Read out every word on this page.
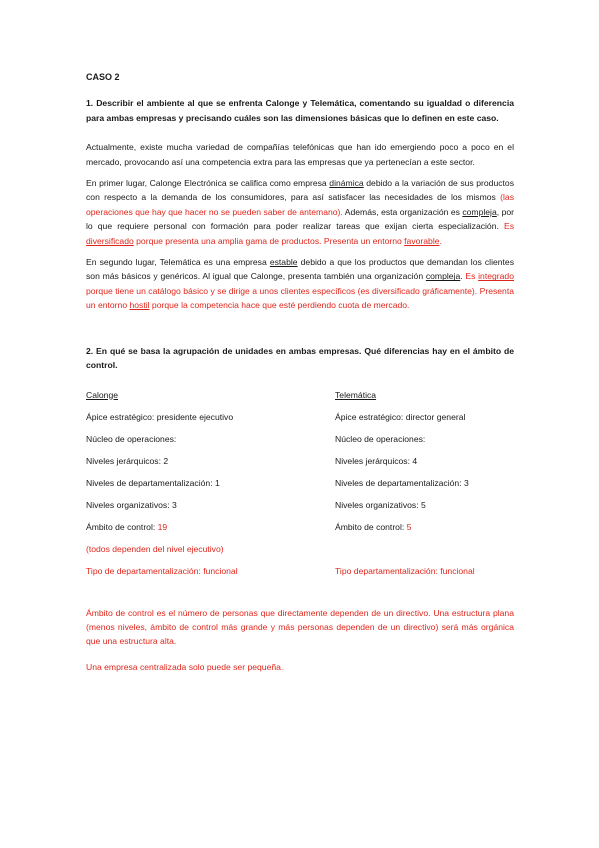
CASO 2
1. Describir el ambiente al que se enfrenta Calonge y Telemática, comentando su igualdad o diferencia para ambas empresas y precisando cuáles son las dimensiones básicas que lo definen en este caso.

Actualmente, existe mucha variedad de compañías telefónicas que han ido emergiendo poco a poco en el mercado, provocando así una competencia extra para las empresas que ya pertenecían a este sector.

En primer lugar, Calonge Electrónica se califica como empresa dinámica debido a la variación de sus productos con respecto a la demanda de los consumidores, para así satisfacer las necesidades de los mismos (las operaciones que hay que hacer no se pueden saber de antemano). Además, esta organización es compleja, por lo que requiere personal con formación para poder realizar tareas que exijan cierta especialización. Es diversificado porque presenta una amplia gama de productos. Presenta un entorno favorable.

En segundo lugar, Telemática es una empresa estable debido a que los productos que demandan los clientes son más básicos y genéricos. Al igual que Calonge, presenta también una organización compleja. Es integrado porque tiene un catálogo básico y se dirige a unos clientes específicos (es diversificado gráficamente). Presenta un entorno hostil porque la competencia hace que esté perdiendo cuota de mercado.

2. En qué se basa la agrupación de unidades en ambas empresas. Qué diferencias hay en el ámbito de control.
Calonge
Ápice estratégico: presidente ejecutivo
Núcleo de operaciones:
Niveles jerárquicos: 2
Niveles de departamentalización: 1
Niveles organizativos: 3
Ámbito de control: 19
(todos dependen del nivel ejecutivo)
Tipo de departamentalización: funcional
Telemática
Ápice estratégico: director general
Núcleo de operaciones:
Niveles jerárquicos: 4
Niveles de departamentalización: 3
Niveles organizativos: 5
Ámbito de control: 5
Tipo departamentalización: funcional

Ámbito de control es el número de personas que directamente dependen de un directivo. Una estructura plana (menos niveles, ámbito de control más grande y más personas dependen de un directivo) será más orgánica que una estructura alta.

Una empresa centralizada solo puede ser pequeña.
